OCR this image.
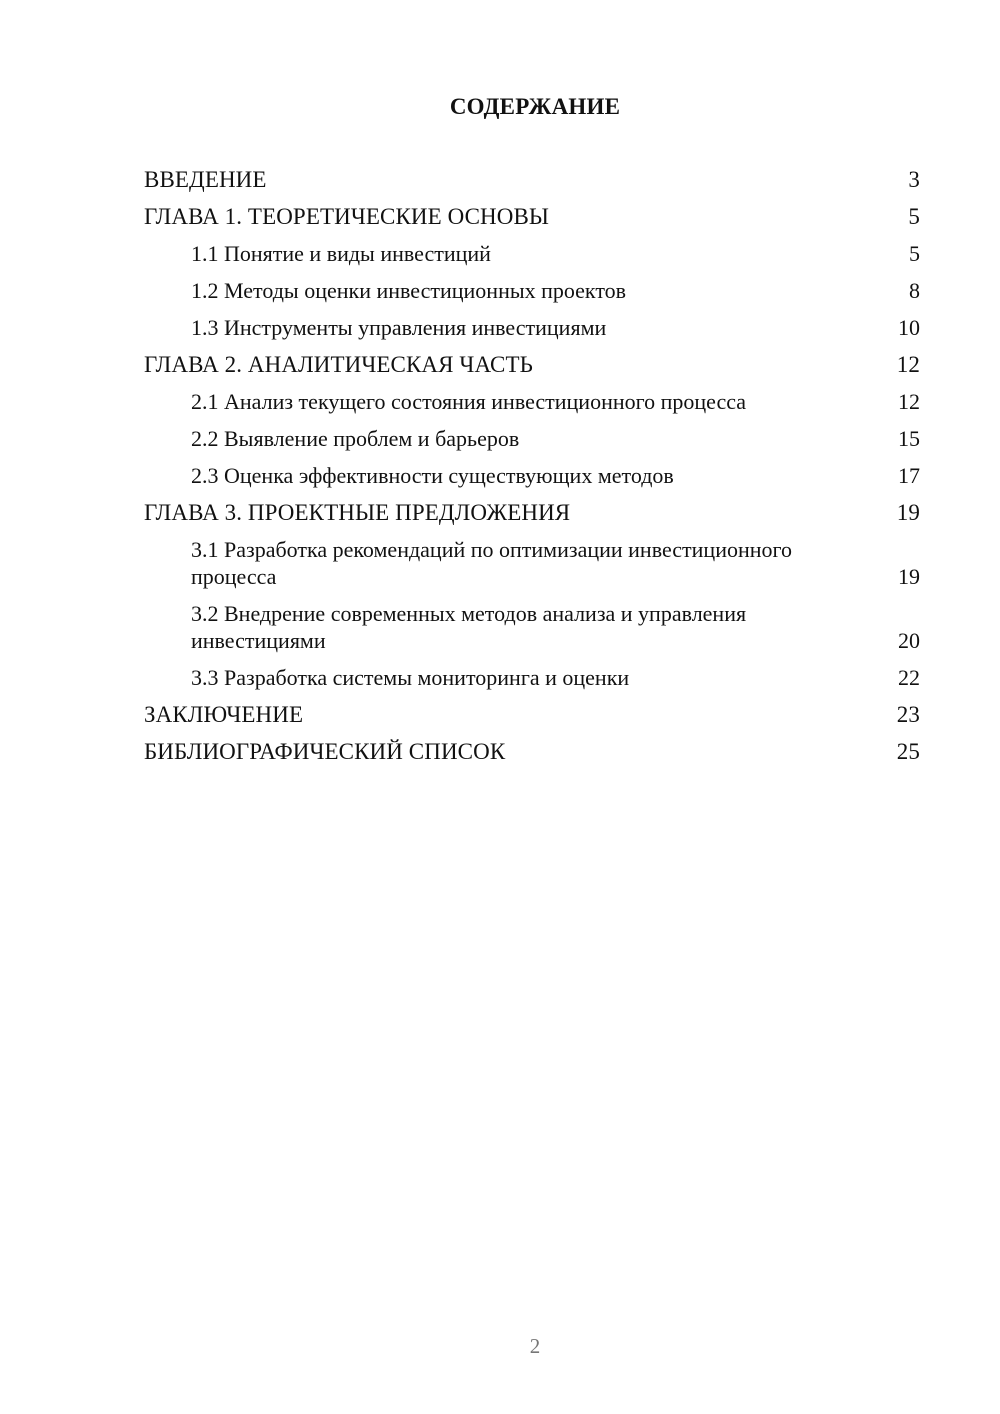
СОДЕРЖАНИЕ
ВВЕДЕНИЕ	3
ГЛАВА 1. ТЕОРЕТИЧЕСКИЕ ОСНОВЫ	5
1.1 Понятие и виды инвестиций	5
1.2 Методы оценки инвестиционных проектов	8
1.3 Инструменты управления инвестициями	10
ГЛАВА 2. АНАЛИТИЧЕСКАЯ ЧАСТЬ	12
2.1 Анализ текущего состояния инвестиционного процесса	12
2.2 Выявление проблем и барьеров	15
2.3 Оценка эффективности существующих методов	17
ГЛАВА 3. ПРОЕКТНЫЕ ПРЕДЛОЖЕНИЯ	19
3.1 Разработка рекомендаций по оптимизации инвестиционного процесса	19
3.2 Внедрение современных методов анализа и управления инвестициями	20
3.3 Разработка системы мониторинга и оценки	22
ЗАКЛЮЧЕНИЕ	23
БИБЛИОГРАФИЧЕСКИЙ СПИСОК	25
2
